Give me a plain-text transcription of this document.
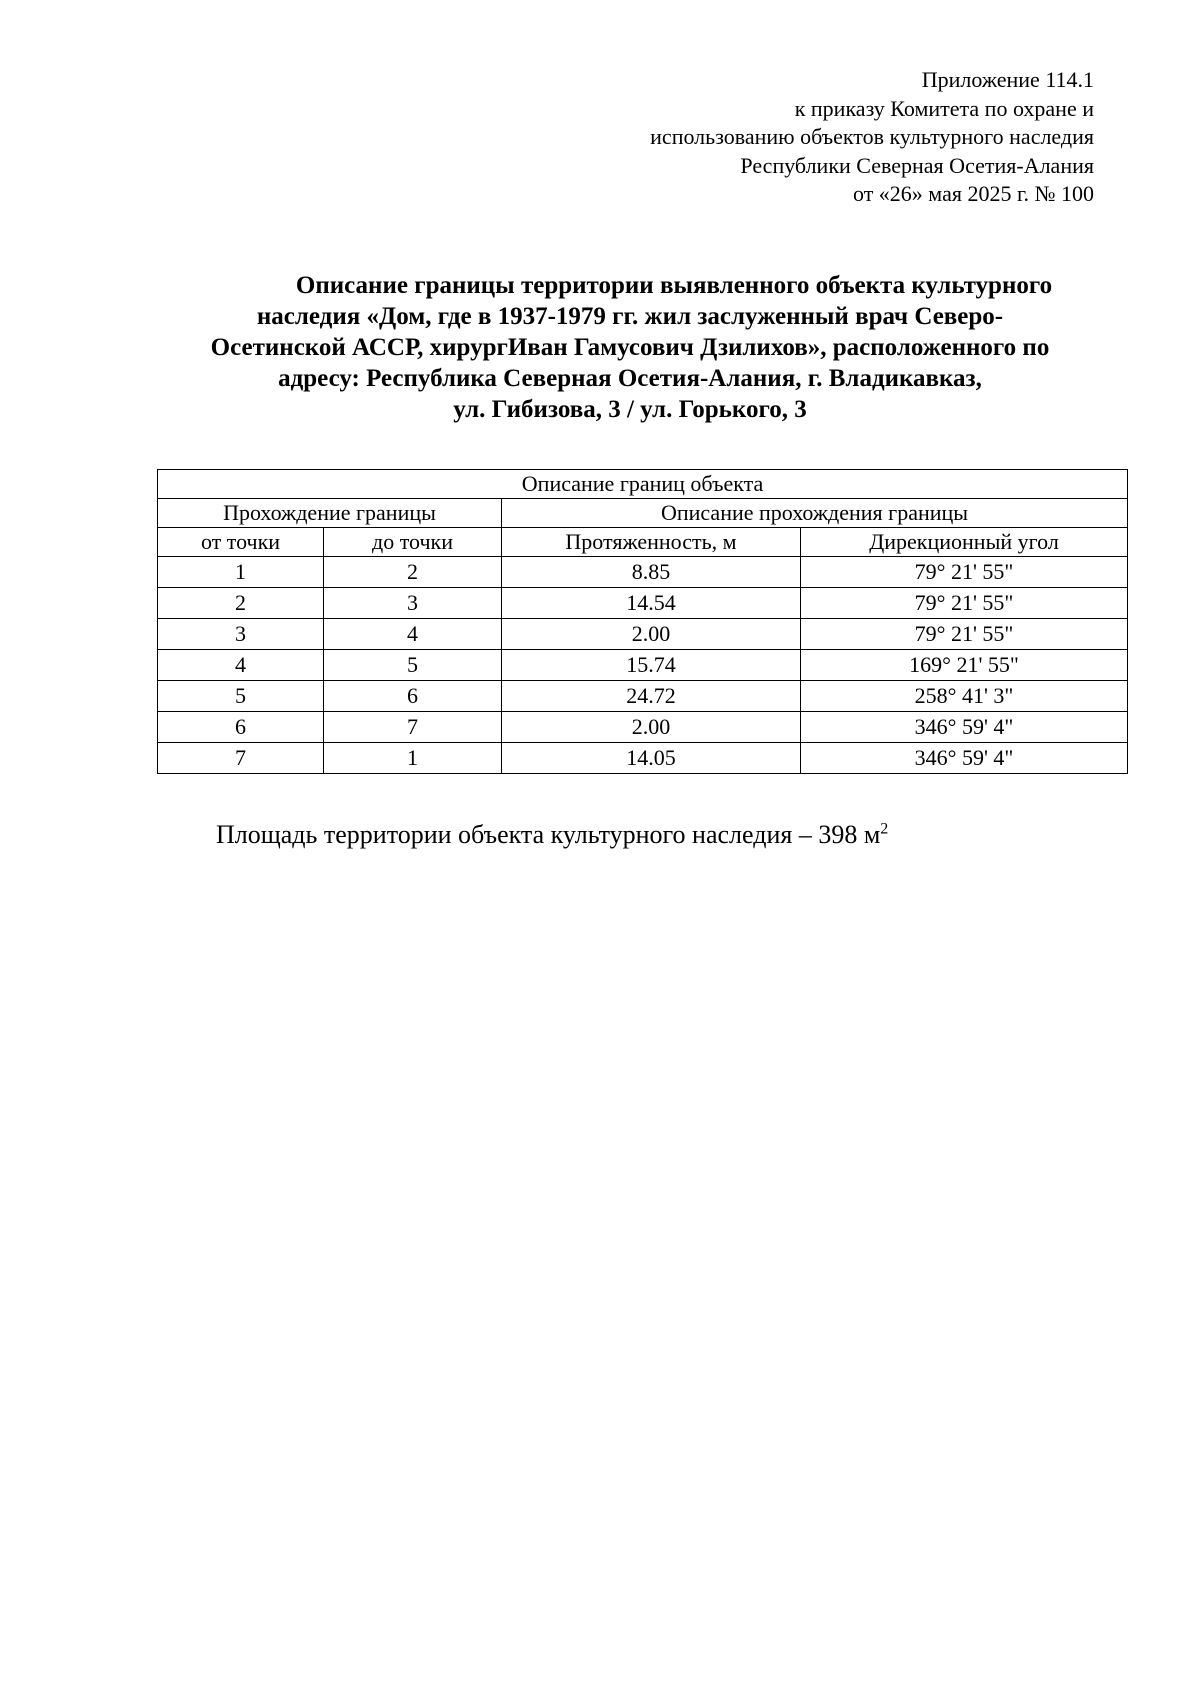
Приложение 114.1
к приказу Комитета по охране и
использованию объектов культурного наследия
Республики Северная Осетия-Алания
от «26» мая 2025 г. № 100
Описание границы территории выявленного объекта культурного
наследия «Дом, где в 1937-1979 гг. жил заслуженный врач Северо-
Осетинской АССР, хирургИван Гамусович Дзилихов», расположенного по
адресу: Республика Северная Осетия-Алания, г. Владикавказ,
ул. Гибизова, 3 / ул. Горького, 3
Описание границ объекта			
Прохождение границы		Описание прохождения границы	
от точки	до точки	Протяженность, м	Дирекционный угол
1	2	8.85	79° 21' 55"
2	3	14.54	79° 21' 55"
3	4	2.00	79° 21' 55"
4	5	15.74	169° 21' 55"
5	6	24.72	258° 41' 3"
6	7	2.00	346° 59' 4"
7	1	14.05	346° 59' 4"
Площадь территории объекта культурного наследия – 398 $м^2$
